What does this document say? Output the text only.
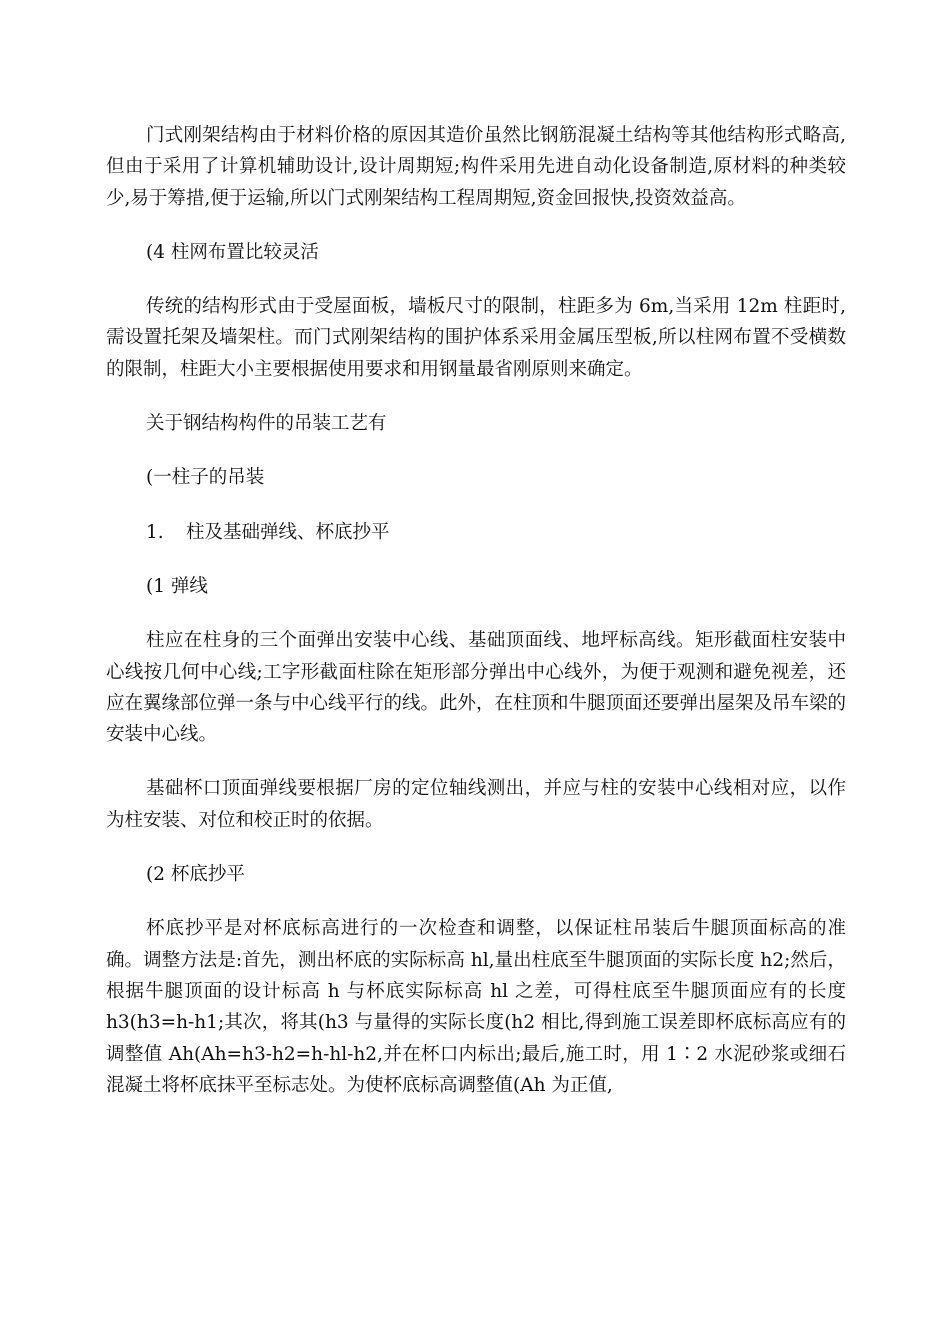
门式刚架结构由于材料价格的原因其造价虽然比钢筋混凝土结构等其他结构形式略高,但由于采用了计算机辅助设计,设计周期短;构件采用先进自动化设备制造,原材料的种类较少,易于筹措,便于运输,所以门式刚架结构工程周期短,资金回报快,投资效益高。

(4 柱网布置比较灵活

传统的结构形式由于受屋面板，墙板尺寸的限制，柱距多为 6m,当采用 12m 柱距时,需设置托架及墙架柱。而门式刚架结构的围护体系采用金属压型板,所以柱网布置不受横数的限制，柱距大小主要根据使用要求和用钢量最省刚原则来确定。

关于钢结构构件的吊装工艺有

(一柱子的吊装

1. 柱及基础弹线、杯底抄平

(1 弹线

柱应在柱身的三个面弹出安装中心线、基础顶面线、地坪标高线。矩形截面柱安装中心线按几何中心线;工字形截面柱除在矩形部分弹出中心线外，为便于观测和避免视差，还应在翼缘部位弹一条与中心线平行的线。此外，在柱顶和牛腿顶面还要弹出屋架及吊车梁的安装中心线。

基础杯口顶面弹线要根据厂房的定位轴线测出，并应与柱的安装中心线相对应，以作为柱安装、对位和校正时的依据。

(2 杯底抄平

杯底抄平是对杯底标高进行的一次检查和调整，以保证柱吊装后牛腿顶面标高的准确。调整方法是:首先，测出杯底的实际标高 hl,量出柱底至牛腿顶面的实际长度 h2;然后，根据牛腿顶面的设计标高 h 与杯底实际标高 hl 之差，可得柱底至牛腿顶面应有的长度 h3(h3=h-h1;其次，将其(h3 与量得的实际长度(h2 相比,得到施工误差即杯底标高应有的调整值 Ah(Ah=h3-h2=h-hl-h2,并在杯口内标出;最后,施工时，用 1∶2 水泥砂浆或细石混凝土将杯底抹平至标志处。为使杯底标高调整值(Ah 为正值,
